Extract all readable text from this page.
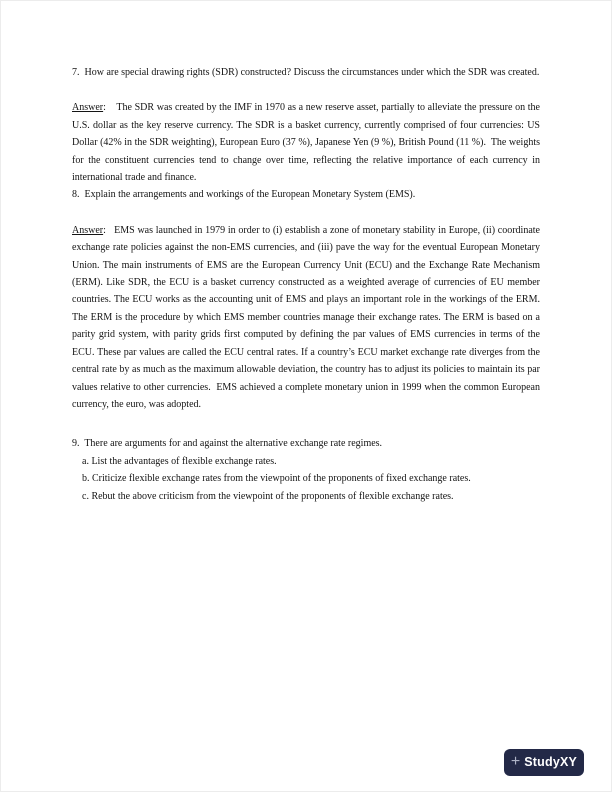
7.  How are special drawing rights (SDR) constructed? Discuss the circumstances under which the SDR was created.

Answer:    The SDR was created by the IMF in 1970 as a new reserve asset, partially to alleviate the pressure on the U.S. dollar as the key reserve currency. The SDR is a basket currency, currently comprised of four currencies: US Dollar (42% in the SDR weighting), European Euro (37 %), Japanese Yen (9 %), British Pound (11 %).  The weights for the constituent currencies tend to change over time, reflecting the relative importance of each currency in international trade and finance.

8.  Explain the arrangements and workings of the European Monetary System (EMS).

Answer:   EMS was launched in 1979 in order to (i) establish a zone of monetary stability in Europe, (ii) coordinate exchange rate policies against the non-EMS currencies, and (iii) pave the way for the eventual European Monetary Union. The main instruments of EMS are the European Currency Unit (ECU) and the Exchange Rate Mechanism (ERM). Like SDR, the ECU is a basket currency constructed as a weighted average of currencies of EU member countries. The ECU works as the accounting unit of EMS and plays an important role in the workings of the ERM. The ERM is the procedure by which EMS member countries manage their exchange rates. The ERM is based on a parity grid system, with parity grids first computed by defining the par values of EMS currencies in terms of the ECU. These par values are called the ECU central rates. If a country’s ECU market exchange rate diverges from the central rate by as much as the maximum allowable deviation, the country has to adjust its policies to maintain its par values relative to other currencies.  EMS achieved a complete monetary union in 1999 when the common European currency, the euro, was adopted.

9.  There are arguments for and against the alternative exchange rate regimes.

a. List the advantages of flexible exchange rates.

b. Criticize flexible exchange rates from the viewpoint of the proponents of fixed exchange rates.

c. Rebut the above criticism from the viewpoint of the proponents of flexible exchange rates.

+ StudyXY
